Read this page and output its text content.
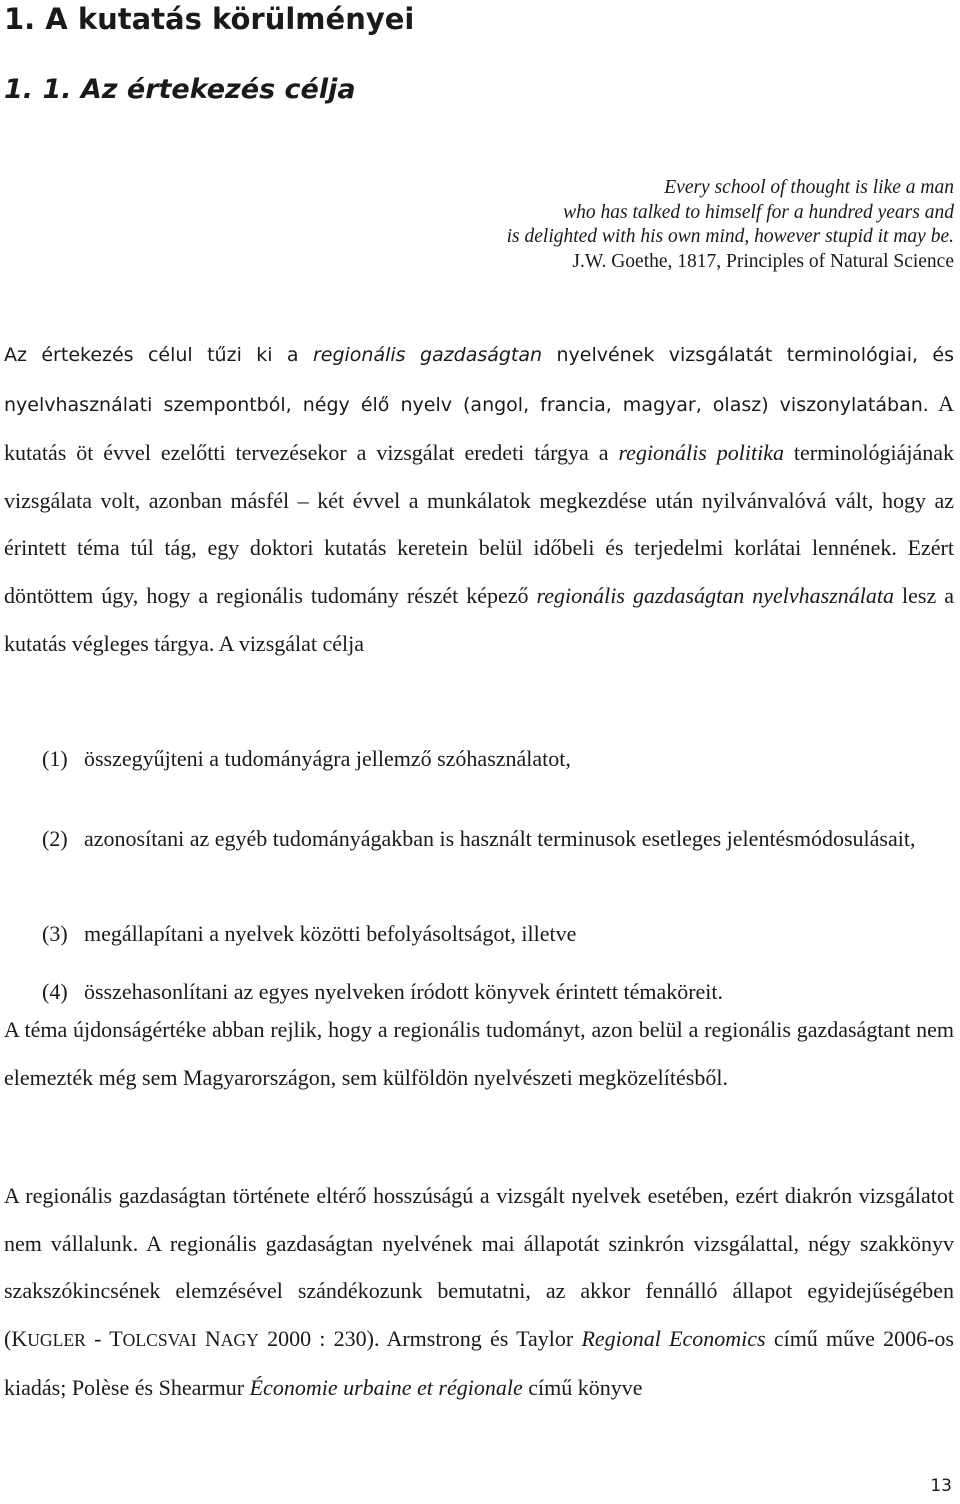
1. A kutatás körülményei
1. 1. Az értekezés célja
Every school of thought is like a man
who has talked to himself for a hundred years and
is delighted with his own mind, however stupid it may be.
J.W. Goethe, 1817, Principles of Natural Science

Az értekezés célul tűzi ki a regionális gazdaságtan nyelvének vizsgálatát terminológiai, és nyelvhasználati szempontból, négy élő nyelv (angol, francia, magyar, olasz) viszonylatában. A kutatás öt évvel ezelőtti tervezésekor a vizsgálat eredeti tárgya a regionális politika terminológiájának vizsgálata volt, azonban másfél – két évvel a munkálatok megkezdése után nyilvánvalóvá vált, hogy az érintett téma túl tág, egy doktori kutatás keretein belül időbeli és terjedelmi korlátai lennének. Ezért döntöttem úgy, hogy a regionális tudomány részét képező regionális gazdaságtan nyelvhasználata lesz a kutatás végleges tárgya. A vizsgálat célja

(1) összegyűjteni a tudományágra jellemző szóhasználatot,
(2) azonosítani az egyéb tudományágakban is használt terminusok esetleges jelentésmódosulásait,
(3) megállapítani a nyelvek közötti befolyásoltságot, illetve
(4) összehasonlítani az egyes nyelveken íródott könyvek érintett témaköreit.

A téma újdonságértéke abban rejlik, hogy a regionális tudományt, azon belül a regionális gazdaságtant nem elemezték még sem Magyarországon, sem külföldön nyelvészeti megközelítésből.

A regionális gazdaságtan története eltérő hosszúságú a vizsgált nyelvek esetében, ezért diakrón vizsgálatot nem vállalunk. A regionális gazdaságtan nyelvének mai állapotát szinkrón vizsgálattal, négy szakkönyv szakszókincsének elemzésével szándékozunk bemutatni, az akkor fennálló állapot egyidejűségében (KUGLER - TOLCSVAI NAGY 2000 : 230). Armstrong és Taylor Regional Economics című műve 2006-os kiadás; Polèse és Shearmur Économie urbaine et régionale című könyve

13
